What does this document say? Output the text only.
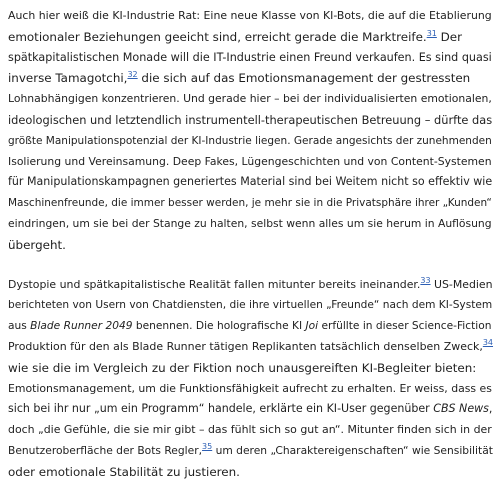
Auch hier weiß die KI-Industrie Rat: Eine neue Klasse von KI-Bots, die auf die Etablierung
emotionaler Beziehungen geeicht sind, erreicht gerade die Marktreife.$^{31}$ Der
spätkapitalistischen Monade will die IT-Industrie einen Freund verkaufen. Es sind quasi
inverse Tamagotchi,$^{32}$ die sich auf das Emotionsmanagement der gestressten
Lohnabhängigen konzentrieren. Und gerade hier – bei der individualisierten emotionalen,
ideologischen und letztendlich instrumentell-therapeutischen Betreuung – dürfte das
größte Manipulationspotenzial der KI-Industrie liegen. Gerade angesichts der zunehmenden
Isolierung und Vereinsamung. Deep Fakes, Lügengeschichten und von Content-Systemen
für Manipulationskampagnen generiertes Material sind bei Weitem nicht so effektiv wie
Maschinenfreunde, die immer besser werden, je mehr sie in die Privatsphäre ihrer „Kunden“
eindringen, um sie bei der Stange zu halten, selbst wenn alles um sie herum in Auflösung
übergeht.

Dystopie und spätkapitalistische Realität fallen mitunter bereits ineinander.$^{33}$ US-Medien
berichteten von Usern von Chatdiensten, die ihre virtuellen „Freunde“ nach dem KI-System
aus Blade Runner 2049 benennen. Die holografische KI Joi erfüllte in dieser Science-Fiction
Produktion für den als Blade Runner tätigen Replikanten tatsächlich denselben Zweck,$^{34}$
wie sie die im Vergleich zu der Fiktion noch unausgereiften KI-Begleiter bieten:
Emotionsmanagement, um die Funktionsfähigkeit aufrecht zu erhalten. Er weiss, dass es
sich bei ihr nur „um ein Programm“ handele, erklärte ein KI-User gegenüber CBS News,
doch „die Gefühle, die sie mir gibt – das fühlt sich so gut an“. Mitunter finden sich in der
Benutzeroberfläche der Bots Regler,$^{35}$ um deren „Charaktereigenschaften“ wie Sensibilität
oder emotionale Stabilität zu justieren.
